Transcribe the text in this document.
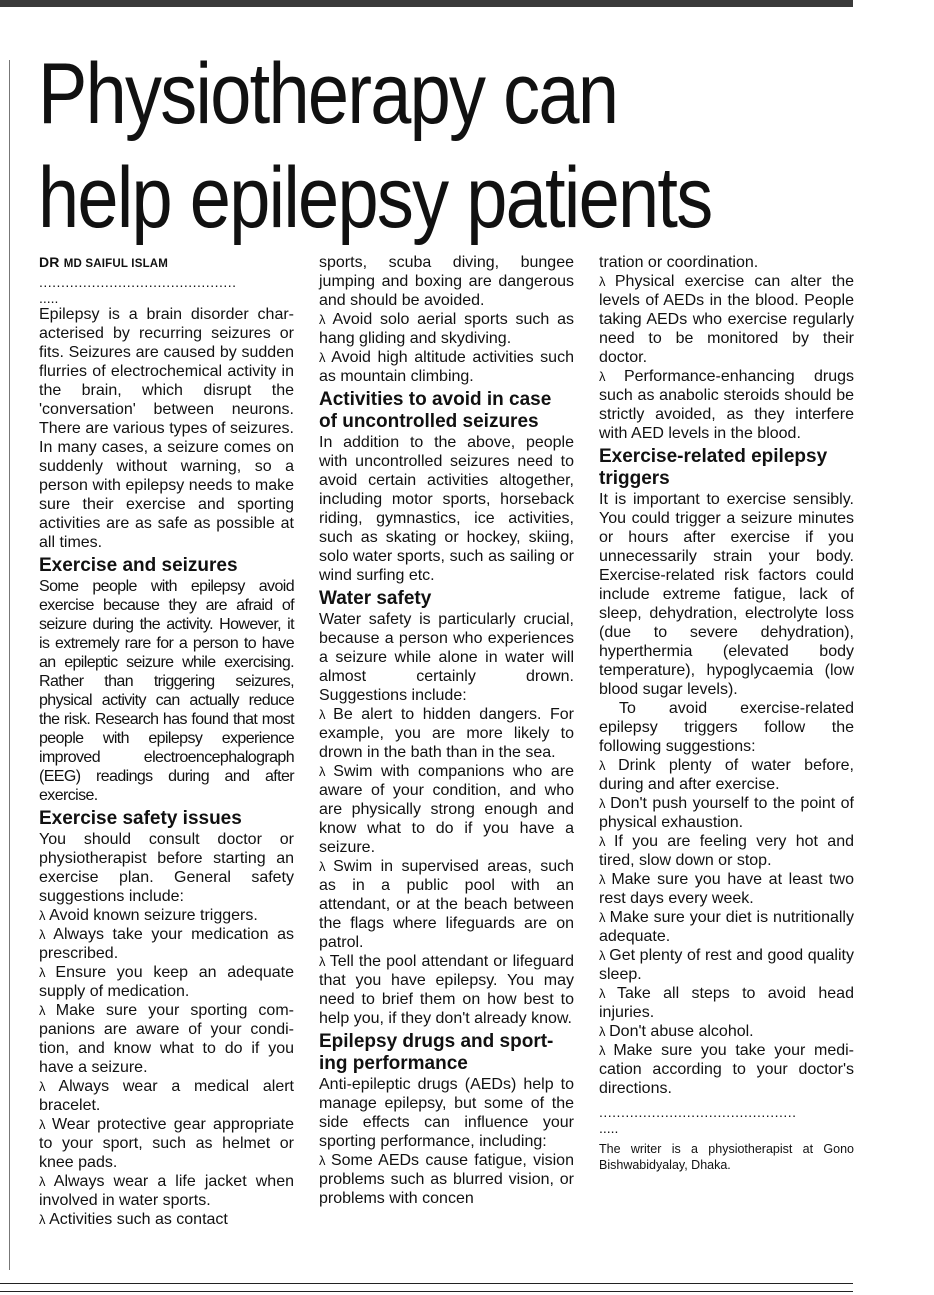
Physiotherapy can help epilepsy patients

DR MD SAIFUL ISLAM

.............................................

.....

Epilepsy is a brain disorder characterised by recurring seizures or fits. Seizures are caused by sudden flurries of electrochemical activity in the brain, which disrupt the 'conversation' between neurons. There are various types of seizures. In many cases, a seizure comes on suddenly without warning, so a person with epilepsy needs to make sure their exercise and sporting activities are as safe as possible at all times.

Exercise and seizures

Some people with epilepsy avoid exercise because they are afraid of seizure during the activity. However, it is extremely rare for a person to have an epileptic seizure while exercising. Rather than triggering seizures, physical activity can actually reduce the risk. Research has found that most people with epilepsy experience improved electroencephalograph (EEG) readings during and after exercise.

Exercise safety issues

You should consult doctor or physiotherapist before starting an exercise plan. General safety suggestions include:

λ Avoid known seizure triggers.

λ Always take your medication as prescribed.

λ Ensure you keep an adequate supply of medication.

λ Make sure your sporting companions are aware of your condition, and know what to do if you have a seizure.

λ Always wear a medical alert bracelet.

λ Wear protective gear appropriate to your sport, such as helmet or knee pads.

λ Always wear a life jacket when involved in water sports.

λ Activities such as contact

sports, scuba diving, bungee jumping and boxing are dangerous and should be avoided.

λ Avoid solo aerial sports such as hang gliding and skydiving.

λ Avoid high altitude activities such as mountain climbing.

Activities to avoid in case of uncontrolled seizures

In addition to the above, people with uncontrolled seizures need to avoid certain activities altogether, including motor sports, horseback riding, gymnastics, ice activities, such as skating or hockey, skiing, solo water sports, such as sailing or wind surfing etc.

Water safety

Water safety is particularly crucial, because a person who experiences a seizure while alone in water will almost certainly drown. Suggestions include:

λ Be alert to hidden dangers. For example, you are more likely to drown in the bath than in the sea.

λ Swim with companions who are aware of your condition, and who are physically strong enough and know what to do if you have a seizure.

λ Swim in supervised areas, such as in a public pool with an attendant, or at the beach between the flags where lifeguards are on patrol.

λ Tell the pool attendant or lifeguard that you have epilepsy. You may need to brief them on how best to help you, if they don't already know.

Epilepsy drugs and sporting performance

Anti-epileptic drugs (AEDs) help to manage epilepsy, but some of the side effects can influence your sporting performance, including:

λ Some AEDs cause fatigue, vision problems such as blurred vision, or problems with concen

tration or coordination.

λ Physical exercise can alter the levels of AEDs in the blood. People taking AEDs who exercise regularly need to be monitored by their doctor.

λ Performance-enhancing drugs such as anabolic steroids should be strictly avoided, as they interfere with AED levels in the blood.

Exercise-related epilepsy triggers

It is important to exercise sensibly. You could trigger a seizure minutes or hours after exercise if you unnecessarily strain your body. Exercise-related risk factors could include extreme fatigue, lack of sleep, dehydration, electrolyte loss (due to severe dehydration), hyperthermia (elevated body temperature), hypoglycaemia (low blood sugar levels).

To avoid exercise-related epilepsy triggers follow the following suggestions:

λ Drink plenty of water before, during and after exercise.

λ Don't push yourself to the point of physical exhaustion.

λ If you are feeling very hot and tired, slow down or stop.

λ Make sure you have at least two rest days every week.

λ Make sure your diet is nutritionally adequate.

λ Get plenty of rest and good quality sleep.

λ Take all steps to avoid head injuries.

λ Don't abuse alcohol.

λ Make sure you take your medication according to your doctor's directions.

.............................................

.....

The writer is a physiotherapist at Gono Bishwabidyalay, Dhaka.
